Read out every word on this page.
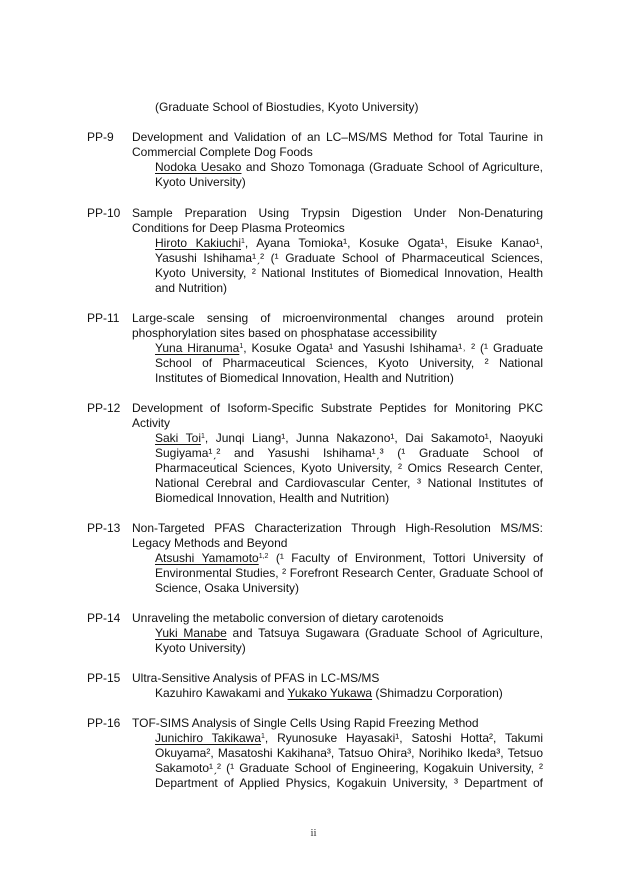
(Graduate School of Biostudies, Kyoto University)
PP-9	Development and Validation of an LC–MS/MS Method for Total Taurine in Commercial Complete Dog Foods
Nodoka Uesako and Shozo Tomonaga (Graduate School of Agriculture, Kyoto University)
PP-10 Sample Preparation Using Trypsin Digestion Under Non-Denaturing Conditions for Deep Plasma Proteomics
Hiroto Kakiuchi$^1$, Ayana Tomioka¹, Kosuke Ogata¹, Eisuke Kanao¹, Yasushi Ishihama¹ˏ² (¹ Graduate School of Pharmaceutical Sciences, Kyoto University, ² National Institutes of Biomedical Innovation, Health and Nutrition)
PP-11	Large-scale sensing of microenvironmental changes around protein phosphorylation sites based on phosphatase accessibility
Yuna Hiranuma$^1$, Kosuke Ogata¹ and Yasushi Ishihama¹˒ ² (¹ Graduate School of Pharmaceutical Sciences, Kyoto University, ² National Institutes of Biomedical Innovation, Health and Nutrition)
PP-12 Development of Isoform-Specific Substrate Peptides for Monitoring PKC Activity
Saki Toi$^1$, Junqi Liang¹, Junna Nakazono¹, Dai Sakamoto¹, Naoyuki Sugiyama¹ˏ² and Yasushi Ishihama¹ˏ³ (¹ Graduate School of Pharmaceutical Sciences, Kyoto University, ² Omics Research Center, National Cerebral and Cardiovascular Center, ³ National Institutes of Biomedical Innovation, Health and Nutrition)
PP-13 Non-Targeted PFAS Characterization Through High-Resolution MS/MS: Legacy Methods and Beyond
Atsushi Yamamoto$^{1,2}$ (¹ Faculty of Environment, Tottori University of Environmental Studies, ² Forefront Research Center, Graduate School of Science, Osaka University)
PP-14 Unraveling the metabolic conversion of dietary carotenoids
Yuki Manabe and Tatsuya Sugawara (Graduate School of Agriculture, Kyoto University)
PP-15 Ultra-Sensitive Analysis of PFAS in LC-MS/MS
Kazuhiro Kawakami and Yukako Yukawa (Shimadzu Corporation)
PP-16 TOF-SIMS Analysis of Single Cells Using Rapid Freezing Method
Junichiro Takikawa$^1$, Ryunosuke Hayasaki¹, Satoshi Hotta², Takumi Okuyama², Masatoshi Kakihana³, Tatsuo Ohira³, Norihiko Ikeda³, Tetsuo Sakamoto¹ˏ² (¹ Graduate School of Engineering, Kogakuin University, ² Department of Applied Physics, Kogakuin University, ³ Department of
ii
